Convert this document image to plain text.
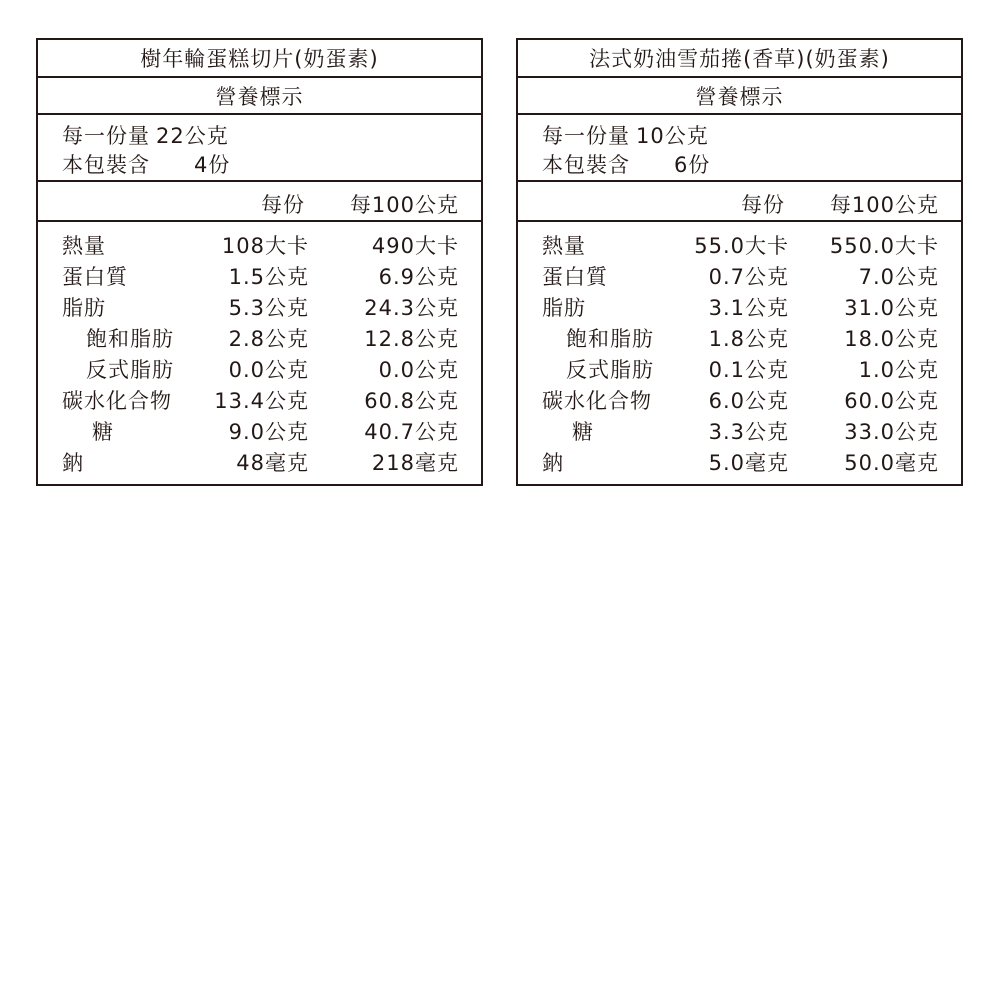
樹年輪蛋糕切片(奶蛋素)
營養標示
每一份量 22公克
本包裝含 4份
每份 每100公克
熱量	108大卡	490大卡
蛋白質	1.5公克	6.9公克
脂肪	5.3公克	24.3公克
飽和脂肪	2.8公克	12.8公克
反式脂肪	0.0公克	0.0公克
碳水化合物 13.4公克	60.8公克
糖	9.0公克	40.7公克
鈉	48毫克	218毫克
法式奶油雪茄捲(香草)(奶蛋素)
營養標示
每一份量 10公克
本包裝含 6份
每份 每100公克
熱量	55.0大卡 550.0大卡
蛋白質	0.7公克	7.0公克
脂肪	3.1公克	31.0公克
飽和脂肪	1.8公克	18.0公克
反式脂肪	0.1公克	1.0公克
碳水化合物	6.0公克	60.0公克
糖	3.3公克	33.0公克
鈉	5.0毫克	50.0毫克
